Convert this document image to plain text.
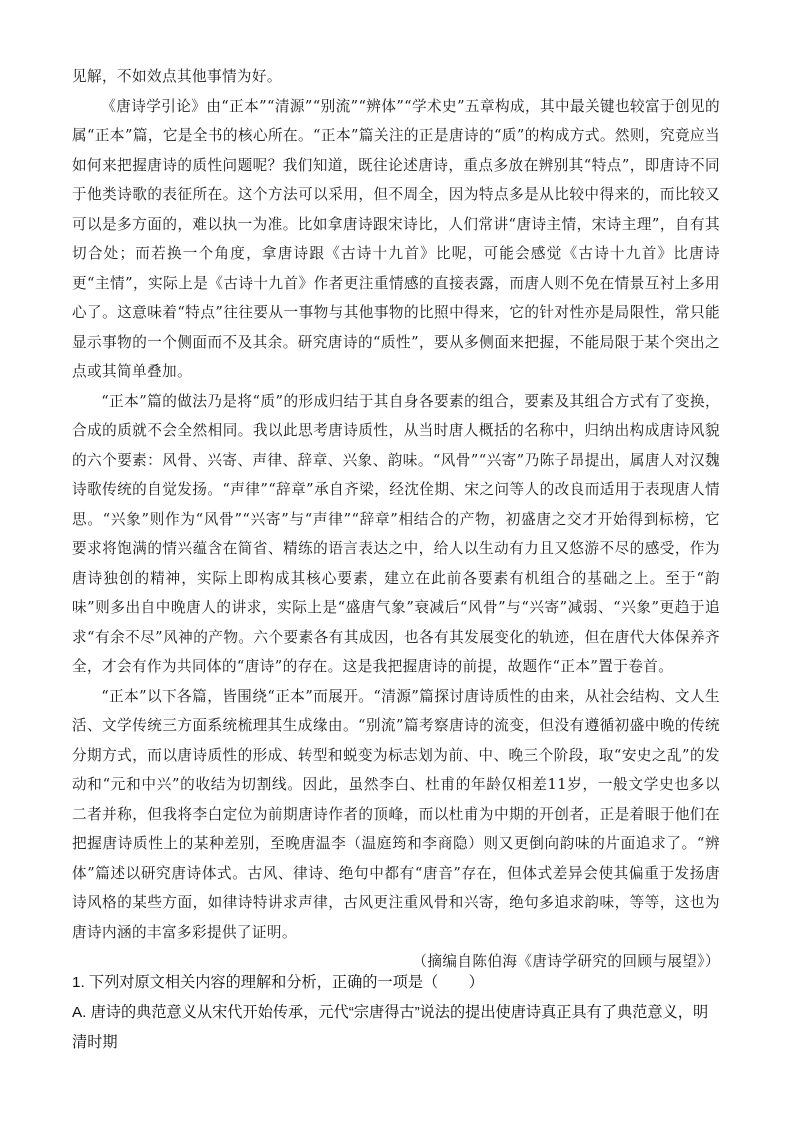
见解，不如效点其他事情为好。

《唐诗学引论》由“正本”“清源”“别流”“辨体”“学术史”五章构成，其中最关键也较富于创见的属“正本”篇，它是全书的核心所在。“正本”篇关注的正是唐诗的“质”的构成方式。然则，究竟应当如何来把握唐诗的质性问题呢？我们知道，既往论述唐诗，重点多放在辨别其“特点”，即唐诗不同于他类诗歌的表征所在。这个方法可以采用，但不周全，因为特点多是从比较中得来的，而比较又可以是多方面的，难以执一为准。比如拿唐诗跟宋诗比，人们常讲“唐诗主情，宋诗主理”，自有其切合处；而若换一个角度，拿唐诗跟《古诗十九首》比呢，可能会感觉《古诗十九首》比唐诗更“主情”，实际上是《古诗十九首》作者更注重情感的直接表露，而唐人则不免在情景互衬上多用心了。这意味着“特点”往往要从一事物与其他事物的比照中得来，它的针对性亦是局限性，常只能显示事物的一个侧面而不及其余。研究唐诗的“质性”，要从多侧面来把握，不能局限于某个突出之点或其简单叠加。

“正本”篇的做法乃是将“质”的形成归结于其自身各要素的组合，要素及其组合方式有了变换，合成的质就不会全然相同。我以此思考唐诗质性，从当时唐人概括的名称中，归纳出构成唐诗风貌的六个要素：风骨、兴寄、声律、辞章、兴象、韵味。“风骨”“兴寄”乃陈子昂提出，属唐人对汉魏诗歌传统的自觉发扬。“声律”“辞章”承自齐梁，经沈佺期、宋之问等人的改良而适用于表现唐人情思。“兴象”则作为“风骨”“兴寄”与“声律”“辞章”相结合的产物，初盛唐之交才开始得到标榜，它要求将饱满的情兴蕴含在简省、精练的语言表达之中，给人以生动有力且又悠游不尽的感受，作为唐诗独创的精神，实际上即构成其核心要素，建立在此前各要素有机组合的基础之上。至于“韵味”则多出自中晚唐人的讲求，实际上是“盛唐气象”衰减后“风骨”与“兴寄”减弱、“兴象”更趋于追求“有余不尽”风神的产物。六个要素各有其成因，也各有其发展变化的轨迹，但在唐代大体保养齐全，才会有作为共同体的“唐诗”的存在。这是我把握唐诗的前提，故题作“正本”置于卷首。

“正本”以下各篇，皆围绕“正本”而展开。“清源”篇探讨唐诗质性的由来，从社会结构、文人生活、文学传统三方面系统梳理其生成缘由。“别流”篇考察唐诗的流变，但没有遵循初盛中晚的传统分期方式，而以唐诗质性的形成、转型和蜕变为标志划为前、中、晚三个阶段，取“安史之乱”的发动和“元和中兴”的收结为切割线。因此，虽然李白、杜甫的年龄仅相差11岁，一般文学史也多以二者并称，但我将李白定位为前期唐诗作者的顶峰，而以杜甫为中期的开创者，正是着眼于他们在把握唐诗质性上的某种差别，至晚唐温李（温庭筠和李商隐）则又更倒向韵味的片面追求了。“辨体”篇述以研究唐诗体式。古风、律诗、绝句中都有“唐音”存在，但体式差异会使其偏重于发扬唐诗风格的某些方面，如律诗特讲求声律，古风更注重风骨和兴寄，绝句多追求韵味，等等，这也为唐诗内涵的丰富多彩提供了证明。

（摘编自陈伯海《唐诗学研究的回顾与展望》）

1. 下列对原文相关内容的理解和分析，正确的一项是（　　）

A. 唐诗的典范意义从宋代开始传承，元代“宗唐得古”说法的提出使唐诗真正具有了典范意义，明清时期
